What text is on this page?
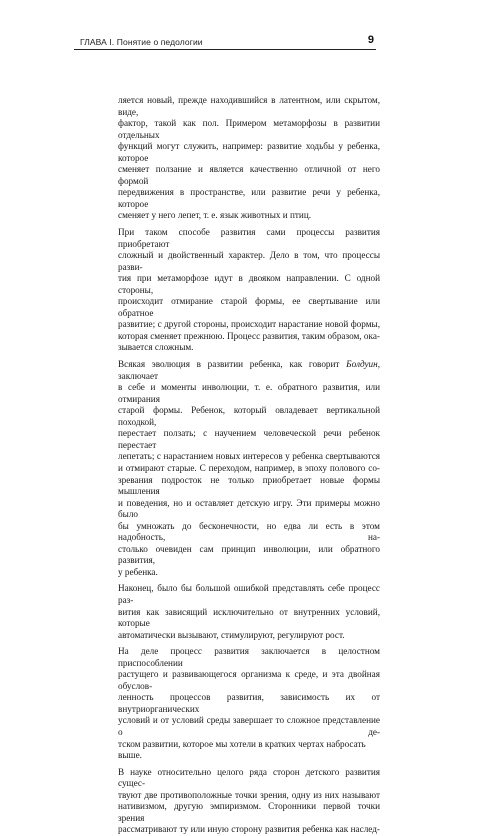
ГЛАВА I. Понятие о педологии	9

ляется новый, прежде находившийся в латентном, или скрытом, виде,
фактор, такой как пол. Примером метаморфозы в развитии отдельных
функций могут служить, например: развитие ходьбы у ребенка, которое
сменяет ползание и является качественно отличной от него формой
передвижения в пространстве, или развитие речи у ребенка, которое
сменяет у него лепет, т. е. язык животных и птиц.

При таком способе развития сами процессы развития приобретают
сложный и двойственный характер. Дело в том, что процессы разви-
тия при метаморфозе идут в двояком направлении. С одной стороны,
происходит отмирание старой формы, ее свертывание или обратное
развитие; с другой стороны, происходит нарастание новой формы,
которая сменяет прежнюю. Процесс развития, таким образом, ока-
зывается сложным.

Всякая эволюция в развитии ребенка, как говорит Болдуин, заключает
в себе и моменты инволюции, т. е. обратного развития, или отмирания
старой формы. Ребенок, который овладевает вертикальной походкой,
перестает ползать; с научением человеческой речи ребенок перестает
лепетать; с нарастанием новых интересов у ребенка свертываются
и отмирают старые. С переходом, например, в эпоху полового со-
зревания подросток не только приобретает новые формы мышления
и поведения, но и оставляет детскую игру. Эти примеры можно было
бы умножать до бесконечности, но едва ли есть в этом надобность, на-
столько очевиден сам принцип инволюции, или обратного развития,
у ребенка.

Наконец, было бы большой ошибкой представлять себе процесс раз-
вития как зависящий исключительно от внутренних условий, которые
автоматически вызывают, стимулируют, регулируют рост.

На деле процесс развития заключается в целостном приспособлении
растущего и развивающегося организма к среде, и эта двойная обуслов-
ленность процессов развития, зависимость их от внутриорганических
условий и от условий среды завершает то сложное представление о де-
тском развитии, которое мы хотели в кратких чертах набросать выше.

В науке относительно целого ряда сторон детского развития сущес-
твуют две противоположные точки зрения, одну из них называют
нативизмом, другую эмпиризмом. Сторонники первой точки зрения
рассматривают ту или иную сторону развития ребенка как наслед-
